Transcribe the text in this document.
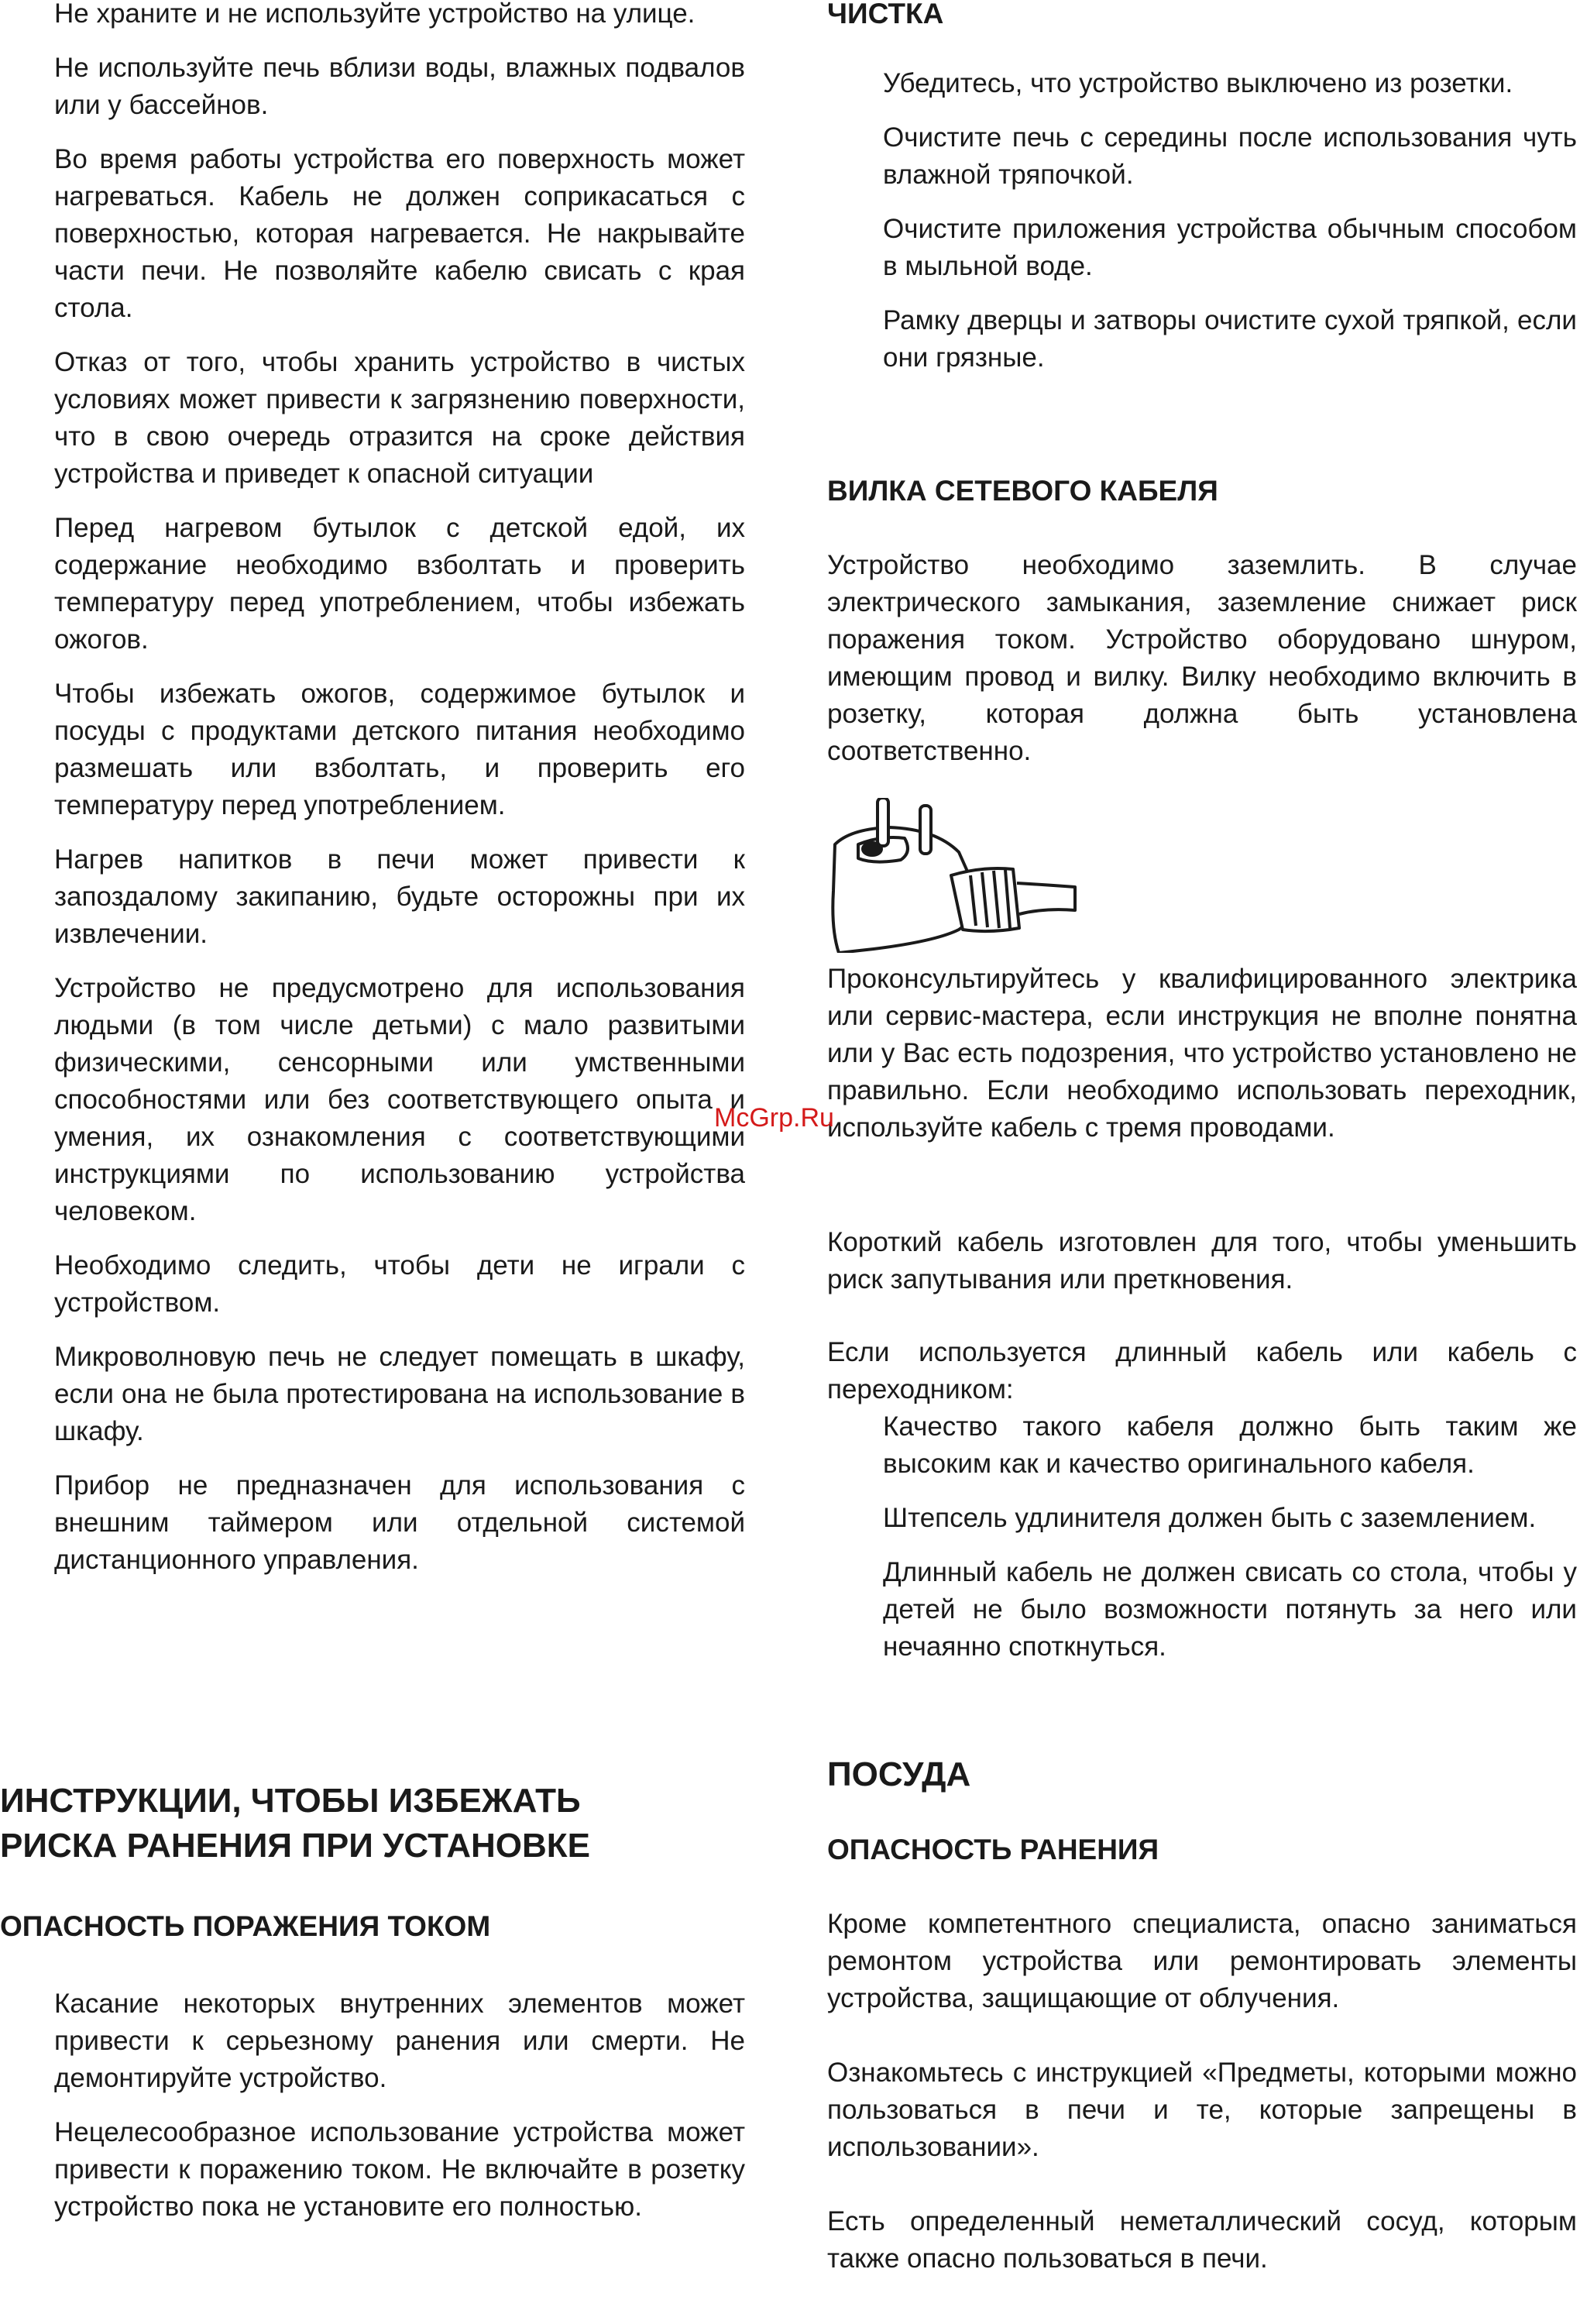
Не храните и не используйте устройство на улице.

Не используйте печь вблизи воды, влажных подвалов или у бассейнов.

Во время работы устройства его поверхность может нагреваться. Кабель не должен соприкасаться с поверхностью, которая нагревается. Не накрывайте части печи. Не позволяйте кабелю свисать с края стола.

Отказ от того, чтобы хранить устройство в чистых условиях может привести к загрязнению поверхности, что в свою очередь отразится на сроке действия устройства и приведет к опасной ситуации

Перед нагревом бутылок с детской едой, их содержание необходимо взболтать и проверить температуру перед употреблением, чтобы избежать ожогов.

Чтобы избежать ожогов, содержимое бутылок и посуды с продуктами детского питания необходимо размешать или взболтать, и проверить его температуру перед употреблением.

Нагрев напитков в печи может привести к запоздалому закипанию, будьте осторожны при их извлечении.

Устройство не предусмотрено для использования людьми (в том числе детьми) с мало развитыми физическими, сенсорными или умственными способностями или без соответствующего опыта и умения, их ознакомления с соответствующими инструкциями по использованию устройства человеком.

Необходимо следить, чтобы дети не играли с устройством.

Микроволновую печь не следует помещать в шкафу, если она не была протестирована на использование в шкафу.

Прибор не предназначен для использования с внешним таймером или отдельной системой дистанционного управления.

ИНСТРУКЦИИ, ЧТОБЫ ИЗБЕЖАТЬ
РИСКА РАНЕНИЯ ПРИ УСТАНОВКЕ
ОПАСНОСТЬ ПОРАЖЕНИЯ ТОКОМ

Касание некоторых внутренних элементов может привести к серьезному ранения или смерти. Не демонтируйте устройство.

Нецелесообразное использование устройства может привести к поражению током. Не включайте в розетку устройство пока не установите его полностью.

ЧИСТКА

Убедитесь, что устройство выключено из розетки.

Очистите печь с середины после использования чуть влажной тряпочкой.

Очистите приложения устройства обычным способом в мыльной воде.

Рамку дверцы и затворы очистите сухой тряпкой, если они грязные.

ВИЛКА СЕТЕВОГО КАБЕЛЯ

Устройство необходимо заземлить. В случае электрического замыкания, заземление снижает риск поражения током. Устройство оборудовано шнуром, имеющим провод и вилку. Вилку необходимо включить в розетку, которая должна быть установлена соответственно.

Проконсультируйтесь у квалифицированного электрика или сервис-мастера, если инструкция не вполне понятна или у Вас есть подозрения, что устройство установлено не правильно. Если необходимо использовать переходник, используйте кабель с тремя проводами.

Короткий кабель изготовлен для того, чтобы уменьшить риск запутывания или преткновения.

Если используется длинный кабель или кабель с переходником:

Качество такого кабеля должно быть таким же высоким как и качество оригинального кабеля.

Штепсель удлинителя должен быть с заземлением.

Длинный кабель не должен свисать со стола, чтобы у детей не было возможности потянуть за него или нечаянно споткнуться.

ПОСУДА
ОПАСНОСТЬ РАНЕНИЯ

Кроме компетентного специалиста, опасно заниматься ремонтом устройства или ремонтировать элементы устройства, защищающие от облучения.

Ознакомьтесь с инструкцией «Предметы, которыми можно пользоваться в печи и те, которые запрещены в использовании».

Есть определенный неметаллический сосуд, которым также опасно пользоваться в печи.

McGrp.Ru
